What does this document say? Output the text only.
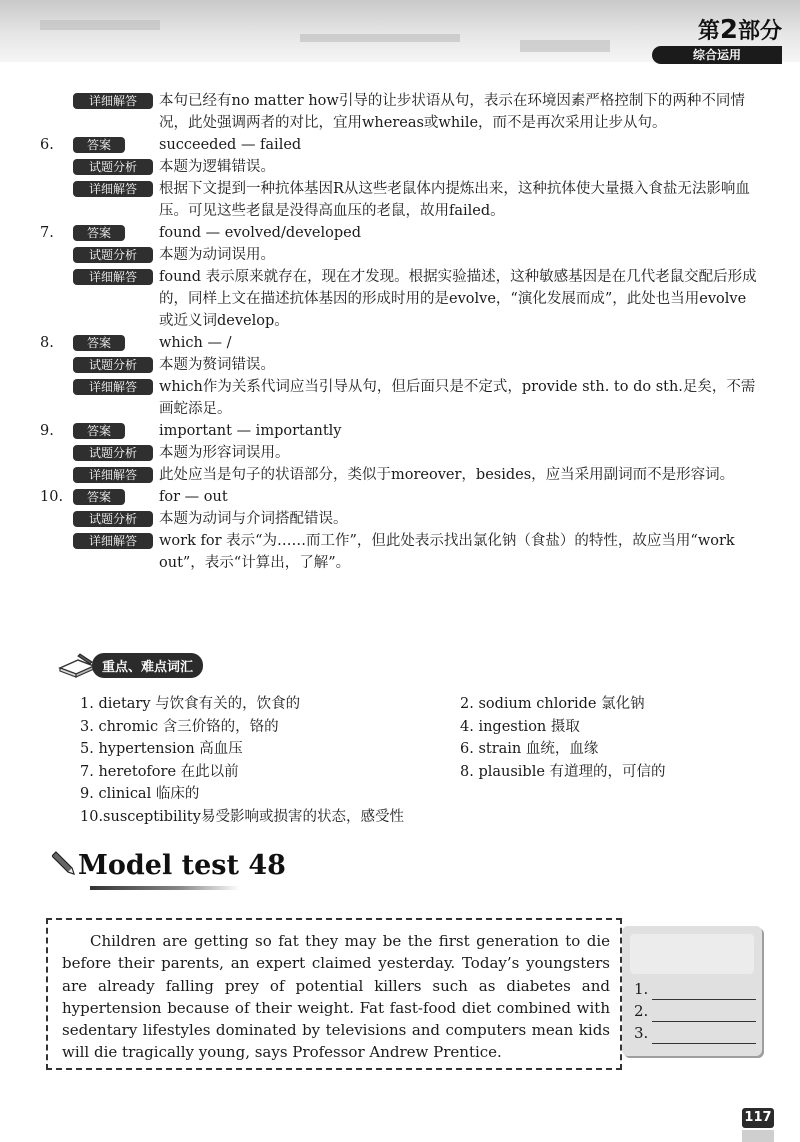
第2部分
综合运用
详细解答	本句已经有no matter how引导的让步状语从句，表示在环境因素严格控制下的两种不同情况，此处强调两者的对比，宜用whereas或while，而不是再次采用让步从句。
6.	答案	succeeded — failed
试题分析	本题为逻辑错误。
详细解答	根据下文提到一种抗体基因R从这些老鼠体内提炼出来，这种抗体使大量摄入食盐无法影响血压。可见这些老鼠是没得高血压的老鼠，故用failed。
7.	答案	found — evolved/developed
试题分析	本题为动词误用。
详细解答	found 表示原来就存在，现在才发现。根据实验描述，这种敏感基因是在几代老鼠交配后形成的，同样上文在描述抗体基因的形成时用的是evolve，“演化发展而成”，此处也当用evolve或近义词develop。
8.	答案	which — /
试题分析	本题为赘词错误。
详细解答	which作为关系代词应当引导从句，但后面只是不定式，provide sth. to do sth.足矣，不需画蛇添足。
9.	答案	important — importantly
试题分析	本题为形容词误用。
详细解答	此处应当是句子的状语部分，类似于moreover，besides，应当采用副词而不是形容词。
10.	答案	for — out
试题分析	本题为动词与介词搭配错误。
详细解答	work for 表示“为……而工作”，但此处表示找出氯化钠（食盐）的特性，故应当用“work out”，表示“计算出，了解”。
重点、难点词汇
1. dietary 与饮食有关的，饮食的	2. sodium chloride 氯化钠
3. chromic 含三价铬的，铬的	4. ingestion 摄取
5. hypertension 高血压	6. strain 血统，血缘
7. heretofore 在此以前	8. plausible 有道理的，可信的
9. clinical 临床的
10.susceptibility易受影响或损害的状态，感受性
Model test 48
Children are getting so fat they may be the first generation to die before their parents, an expert claimed yesterday. Today’s youngsters are already falling prey of potential killers such as diabetes and hypertension because of their weight. Fat fast-food diet combined with sedentary lifestyles dominated by televisions and computers mean kids will die tragically young, says Professor Andrew Prentice.
1.
2.
3.
117
